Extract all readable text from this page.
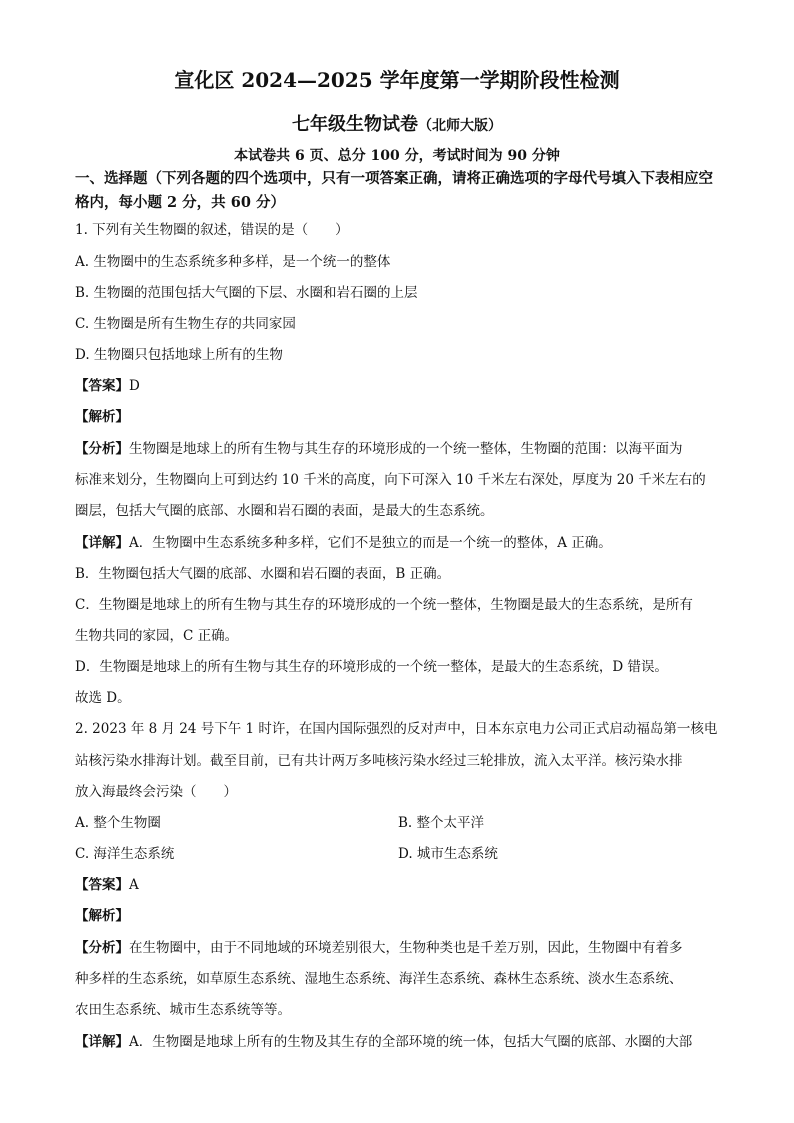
宣化区 2024—2025 学年度第一学期阶段性检测
七年级生物试卷（北师大版）
本试卷共 6 页、总分 100 分，考试时间为 90 分钟
一、选择题（下列各题的四个选项中，只有一项答案正确，请将正确选项的字母代号填入下表相应空格内，每小题 2 分，共 60 分）
1. 下列有关生物圈的叙述，错误的是（　　）
A. 生物圈中的生态系统多种多样，是一个统一的整体
B. 生物圈的范围包括大气圈的下层、水圈和岩石圈的上层
C. 生物圈是所有生物生存的共同家园
D. 生物圈只包括地球上所有的生物
【答案】D
【解析】
【分析】生物圈是地球上的所有生物与其生存的环境形成的一个统一整体，生物圈的范围：以海平面为
标准来划分，生物圈向上可到达约 10 千米的高度，向下可深入 10 千米左右深处，厚度为 20 千米左右的
圈层，包括大气圈的底部、水圈和岩石圈的表面，是最大的生态系统。
【详解】A．生物圈中生态系统多种多样，它们不是独立的而是一个统一的整体，A 正确。
B．生物圈包括大气圈的底部、水圈和岩石圈的表面，B 正确。
C．生物圈是地球上的所有生物与其生存的环境形成的一个统一整体，生物圈是最大的生态系统，是所有
生物共同的家园，C 正确。
D．生物圈是地球上的所有生物与其生存的环境形成的一个统一整体，是最大的生态系统，D 错误。
故选 D。
2. 2023 年 8 月 24 号下午 1 时许，在国内国际强烈的反对声中，日本东京电力公司正式启动福岛第一核电
站核污染水排海计划。截至目前，已有共计两万多吨核污染水经过三轮排放，流入太平洋。核污染水排
放入海最终会污染（　　）
A. 整个生物圈	B. 整个太平洋
C. 海洋生态系统	D. 城市生态系统
【答案】A
【解析】
【分析】在生物圈中，由于不同地域的环境差别很大，生物种类也是千差万别，因此，生物圈中有着多
种多样的生态系统，如草原生态系统、湿地生态系统、海洋生态系统、森林生态系统、淡水生态系统、
农田生态系统、城市生态系统等等。
【详解】A．生物圈是地球上所有的生物及其生存的全部环境的统一体，包括大气圈的底部、水圈的大部
